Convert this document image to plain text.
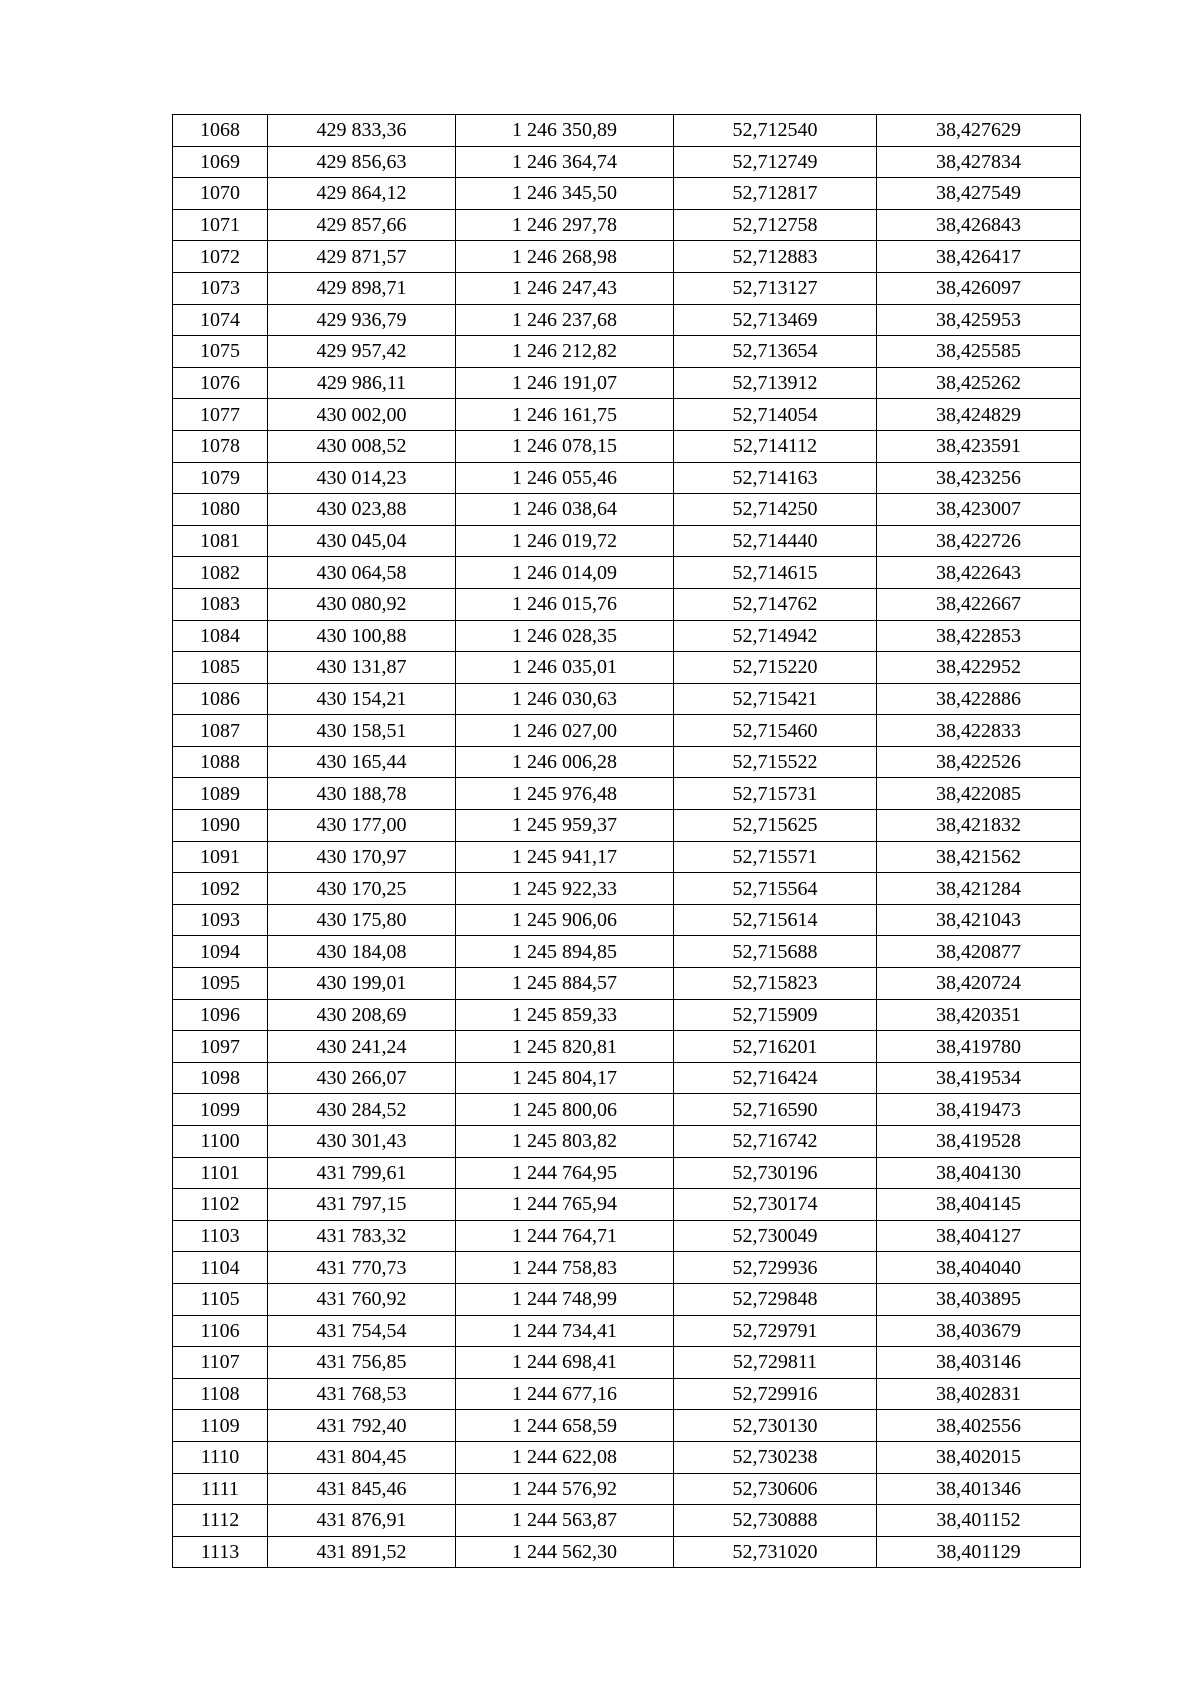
1068	429 833,36	1 246 350,89	52,712540	38,427629
1069	429 856,63	1 246 364,74	52,712749	38,427834
1070	429 864,12	1 246 345,50	52,712817	38,427549
1071	429 857,66	1 246 297,78	52,712758	38,426843
1072	429 871,57	1 246 268,98	52,712883	38,426417
1073	429 898,71	1 246 247,43	52,713127	38,426097
1074	429 936,79	1 246 237,68	52,713469	38,425953
1075	429 957,42	1 246 212,82	52,713654	38,425585
1076	429 986,11	1 246 191,07	52,713912	38,425262
1077	430 002,00	1 246 161,75	52,714054	38,424829
1078	430 008,52	1 246 078,15	52,714112	38,423591
1079	430 014,23	1 246 055,46	52,714163	38,423256
1080	430 023,88	1 246 038,64	52,714250	38,423007
1081	430 045,04	1 246 019,72	52,714440	38,422726
1082	430 064,58	1 246 014,09	52,714615	38,422643
1083	430 080,92	1 246 015,76	52,714762	38,422667
1084	430 100,88	1 246 028,35	52,714942	38,422853
1085	430 131,87	1 246 035,01	52,715220	38,422952
1086	430 154,21	1 246 030,63	52,715421	38,422886
1087	430 158,51	1 246 027,00	52,715460	38,422833
1088	430 165,44	1 246 006,28	52,715522	38,422526
1089	430 188,78	1 245 976,48	52,715731	38,422085
1090	430 177,00	1 245 959,37	52,715625	38,421832
1091	430 170,97	1 245 941,17	52,715571	38,421562
1092	430 170,25	1 245 922,33	52,715564	38,421284
1093	430 175,80	1 245 906,06	52,715614	38,421043
1094	430 184,08	1 245 894,85	52,715688	38,420877
1095	430 199,01	1 245 884,57	52,715823	38,420724
1096	430 208,69	1 245 859,33	52,715909	38,420351
1097	430 241,24	1 245 820,81	52,716201	38,419780
1098	430 266,07	1 245 804,17	52,716424	38,419534
1099	430 284,52	1 245 800,06	52,716590	38,419473
1100	430 301,43	1 245 803,82	52,716742	38,419528
1101	431 799,61	1 244 764,95	52,730196	38,404130
1102	431 797,15	1 244 765,94	52,730174	38,404145
1103	431 783,32	1 244 764,71	52,730049	38,404127
1104	431 770,73	1 244 758,83	52,729936	38,404040
1105	431 760,92	1 244 748,99	52,729848	38,403895
1106	431 754,54	1 244 734,41	52,729791	38,403679
1107	431 756,85	1 244 698,41	52,729811	38,403146
1108	431 768,53	1 244 677,16	52,729916	38,402831
1109	431 792,40	1 244 658,59	52,730130	38,402556
1110	431 804,45	1 244 622,08	52,730238	38,402015
1111	431 845,46	1 244 576,92	52,730606	38,401346
1112	431 876,91	1 244 563,87	52,730888	38,401152
1113	431 891,52	1 244 562,30	52,731020	38,401129
